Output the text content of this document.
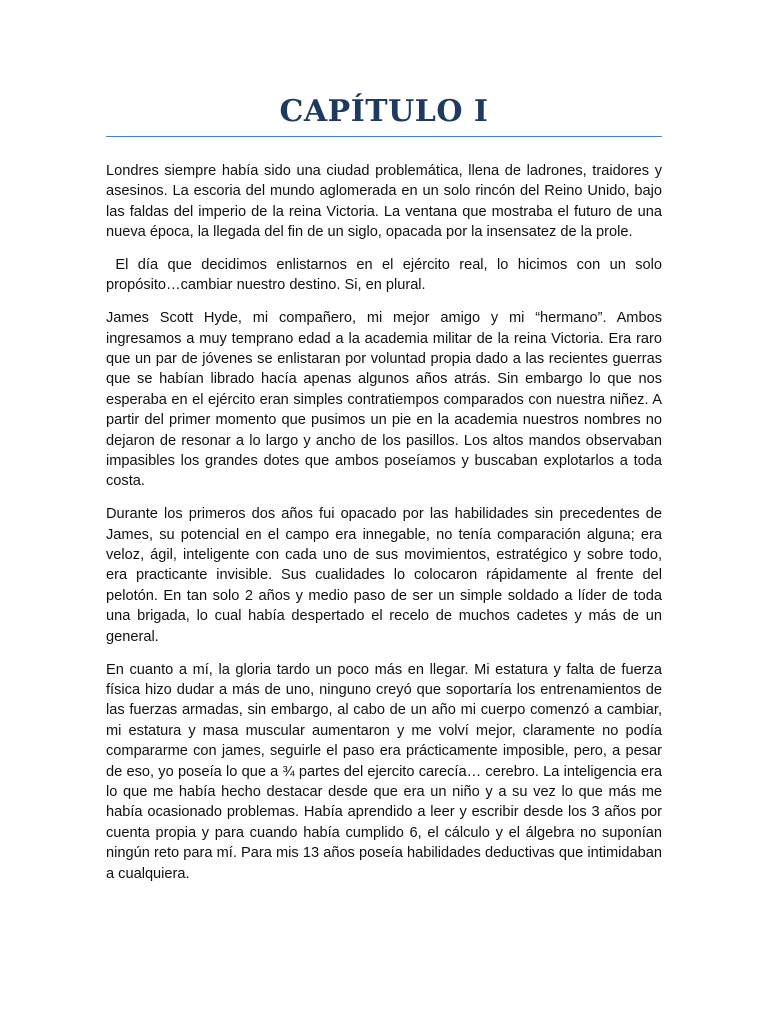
CAPÍTULO I

Londres siempre había sido una ciudad problemática, llena de ladrones, traidores y asesinos. La escoria del mundo aglomerada en un solo rincón del Reino Unido, bajo las faldas del imperio de la reina Victoria. La ventana que mostraba el futuro de una nueva época, la llegada del fin de un siglo, opacada por la insensatez de la prole.

El día que decidimos enlistarnos en el ejército real, lo hicimos con un solo propósito…cambiar nuestro destino. Si, en plural.

James Scott Hyde, mi compañero, mi mejor amigo y mi “hermano”. Ambos ingresamos a muy temprano edad a la academia militar de la reina Victoria. Era raro que un par de jóvenes se enlistaran por voluntad propia dado a las recientes guerras que se habían librado hacía apenas algunos años atrás. Sin embargo lo que nos esperaba en el ejército eran simples contratiempos comparados con nuestra niñez. A partir del primer momento que pusimos un pie en la academia nuestros nombres no dejaron de resonar a lo largo y ancho de los pasillos. Los altos mandos observaban impasibles los grandes dotes que ambos poseíamos y buscaban explotarlos a toda costa.

Durante los primeros dos años fui opacado por las habilidades sin precedentes de James, su potencial en el campo era innegable, no tenía comparación alguna; era veloz, ágil, inteligente con cada uno de sus movimientos, estratégico y sobre todo, era practicante invisible. Sus cualidades lo colocaron rápidamente al frente del pelotón. En tan solo 2 años y medio paso de ser un simple soldado a líder de toda una brigada, lo cual había despertado el recelo de muchos cadetes y más de un general.

En cuanto a mí, la gloria tardo un poco más en llegar. Mi estatura y falta de fuerza física hizo dudar a más de uno, ninguno creyó que soportaría los entrenamientos de las fuerzas armadas, sin embargo, al cabo de un año mi cuerpo comenzó a cambiar, mi estatura y masa muscular aumentaron y me volví mejor, claramente no podía compararme con james, seguirle el paso era prácticamente imposible, pero, a pesar de eso, yo poseía lo que a ¾ partes del ejercito carecía… cerebro. La inteligencia era lo que me había hecho destacar desde que era un niño y a su vez lo que más me había ocasionado problemas. Había aprendido a leer y escribir desde los 3 años por cuenta propia y para cuando había cumplido 6, el cálculo y el álgebra no suponían ningún reto para mí. Para mis 13 años poseía habilidades deductivas que intimidaban a cualquiera.
